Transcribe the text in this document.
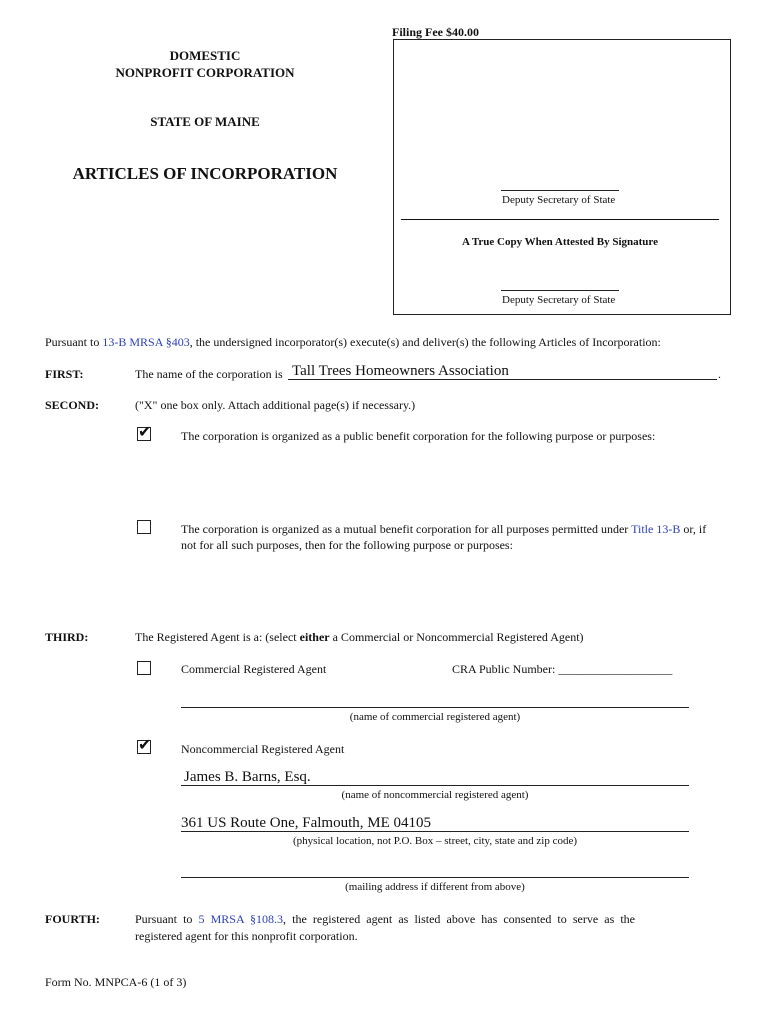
Filing Fee $40.00
DOMESTIC
NONPROFIT CORPORATION
STATE OF MAINE
ARTICLES OF INCORPORATION
Deputy Secretary of State
A True Copy When Attested By Signature
Deputy Secretary of State
Pursuant to 13-B MRSA §403, the undersigned incorporator(s) execute(s) and deliver(s) the following Articles of Incorporation:
FIRST:	The name of the corporation is Tall Trees Homeowners Association	.
SECOND:	("X" one box only. Attach additional page(s) if necessary.)
✔ The corporation is organized as a public benefit corporation for the following purpose or purposes:
The corporation is organized as a mutual benefit corporation for all purposes permitted under Title 13-B or, if
not for all such purposes, then for the following purpose or purposes:
THIRD:	The Registered Agent is a: (select either a Commercial or Noncommercial Registered Agent)
Commercial Registered Agent	CRA Public Number: ___________________
(name of commercial registered agent)
✔ Noncommercial Registered Agent
James B. Barns, Esq.
(name of noncommercial registered agent)
361 US Route One, Falmouth, ME 04105
(physical location, not P.O. Box – street, city, state and zip code)
(mailing address if different from above)
FOURTH:	Pursuant to 5 MRSA §108.3, the registered agent as listed above has consented to serve as the
registered agent for this nonprofit corporation.
Form No. MNPCA-6 (1 of 3)
